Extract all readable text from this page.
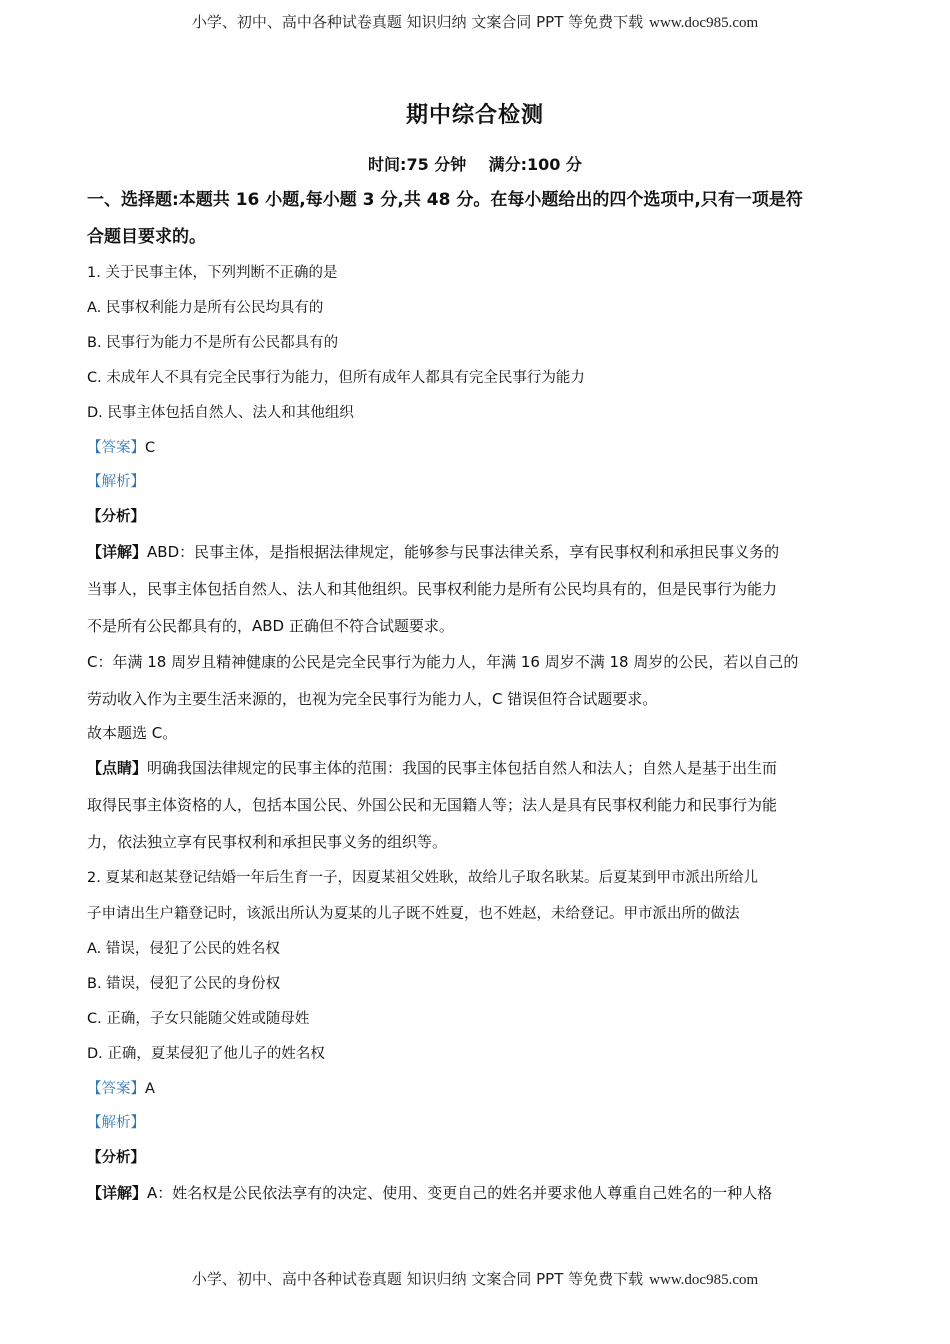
小学、初中、高中各种试卷真题 知识归纳 文案合同 PPT 等免费下载 www.doc985.com
期中综合检测
时间:75 分钟    满分:100 分
一、选择题:本题共 16 小题,每小题 3 分,共 48 分。在每小题给出的四个选项中,只有一项是符
合题目要求的。
1. 关于民事主体，下列判断不正确的是
A. 民事权利能力是所有公民均具有的
B. 民事行为能力不是所有公民都具有的
C. 未成年人不具有完全民事行为能力，但所有成年人都具有完全民事行为能力
D. 民事主体包括自然人、法人和其他组织
【答案】C
【解析】
【分析】
【详解】ABD：民事主体，是指根据法律规定，能够参与民事法律关系，享有民事权利和承担民事义务的
当事人，民事主体包括自然人、法人和其他组织。民事权利能力是所有公民均具有的，但是民事行为能力
不是所有公民都具有的，ABD 正确但不符合试题要求。
C：年满 18 周岁且精神健康的公民是完全民事行为能力人，年满 16 周岁不满 18 周岁的公民，若以自己的
劳动收入作为主要生活来源的，也视为完全民事行为能力人，C 错误但符合试题要求。
故本题选 C。
【点睛】明确我国法律规定的民事主体的范围：我国的民事主体包括自然人和法人；自然人是基于出生而
取得民事主体资格的人，包括本国公民、外国公民和无国籍人等；法人是具有民事权利能力和民事行为能
力，依法独立享有民事权利和承担民事义务的组织等。
2. 夏某和赵某登记结婚一年后生育一子，因夏某祖父姓耿，故给儿子取名耿某。后夏某到甲市派出所给儿
子申请出生户籍登记时，该派出所认为夏某的儿子既不姓夏，也不姓赵，未给登记。甲市派出所的做法
A. 错误，侵犯了公民的姓名权
B. 错误，侵犯了公民的身份权
C. 正确，子女只能随父姓或随母姓
D. 正确，夏某侵犯了他儿子的姓名权
【答案】A
【解析】
【分析】
【详解】A：姓名权是公民依法享有的决定、使用、变更自己的姓名并要求他人尊重自己姓名的一种人格
小学、初中、高中各种试卷真题 知识归纳 文案合同 PPT 等免费下载 www.doc985.com
